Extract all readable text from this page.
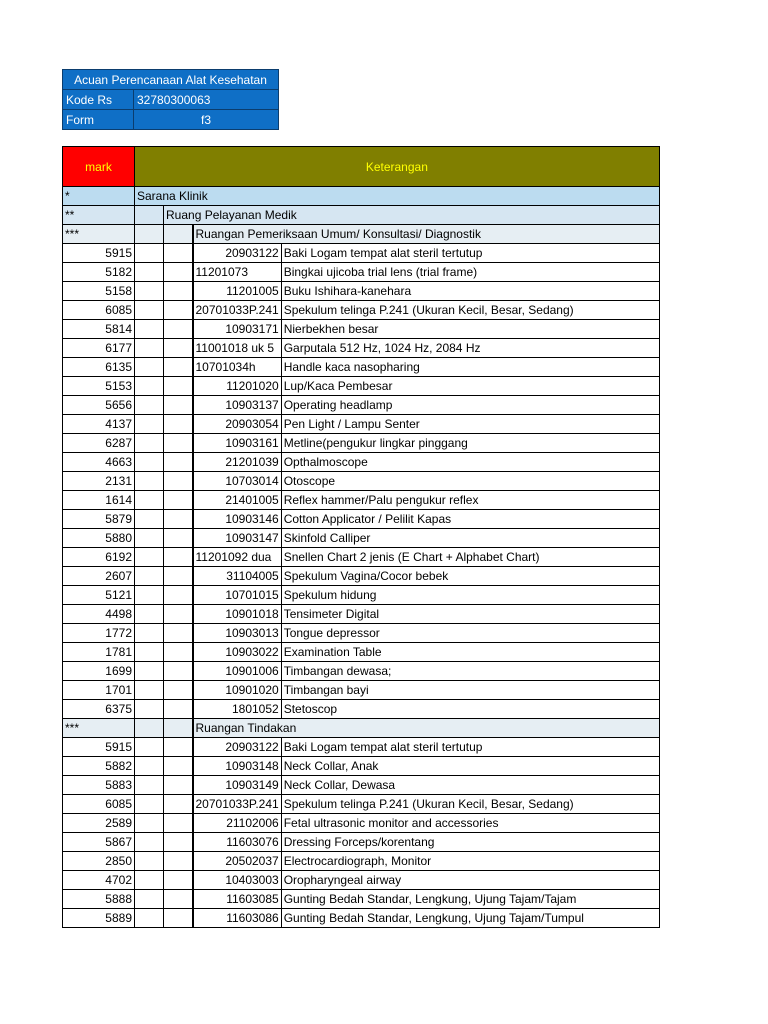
Acuan Perencanaan Alat Kesehatan	
Kode Rs	32780300063
Form	f3
mark	Keterangan			
*	Sarana Klinik			
**		Ruang Pelayanan Medik		
***			Ruangan Pemeriksaan Umum/ Konsultasi/ Diagnostik	
5915			20903122	Baki Logam tempat alat steril tertutup
5182			11201073	Bingkai ujicoba trial lens (trial frame)
5158			11201005	Buku Ishihara-kanehara
6085			20701033P.241	Spekulum telinga P.241 (Ukuran Kecil, Besar, Sedang)
5814			10903171	Nierbekhen besar
6177			11001018 uk 5	Garputala 512 Hz, 1024 Hz, 2084 Hz
6135			10701034h	Handle kaca nasopharing
5153			11201020	Lup/Kaca Pembesar
5656			10903137	Operating headlamp
4137			20903054	Pen Light / Lampu Senter
6287			10903161	Metline(pengukur lingkar pinggang
4663			21201039	Opthalmoscope
2131			10703014	Otoscope
1614			21401005	Reflex hammer/Palu pengukur reflex
5879			10903146	Cotton Applicator / Pelilit Kapas
5880			10903147	Skinfold Calliper
6192			11201092 dua	Snellen Chart 2 jenis (E Chart + Alphabet Chart)
2607			31104005	Spekulum Vagina/Cocor bebek
5121			10701015	Spekulum hidung
4498			10901018	Tensimeter Digital
1772			10903013	Tongue depressor
1781			10903022	Examination Table
1699			10901006	Timbangan dewasa;
1701			10901020	Timbangan bayi
6375			1801052	Stetoscop
***			Ruangan Tindakan	
5915			20903122	Baki Logam tempat alat steril tertutup
5882			10903148	Neck Collar, Anak
5883			10903149	Neck Collar, Dewasa
6085			20701033P.241	Spekulum telinga P.241 (Ukuran Kecil, Besar, Sedang)
2589			21102006	Fetal ultrasonic monitor and accessories
5867			11603076	Dressing Forceps/korentang
2850			20502037	Electrocardiograph, Monitor
4702			10403003	Oropharyngeal airway
5888			11603085	Gunting Bedah Standar, Lengkung, Ujung Tajam/Tajam
5889			11603086	Gunting Bedah Standar, Lengkung, Ujung Tajam/Tumpul
